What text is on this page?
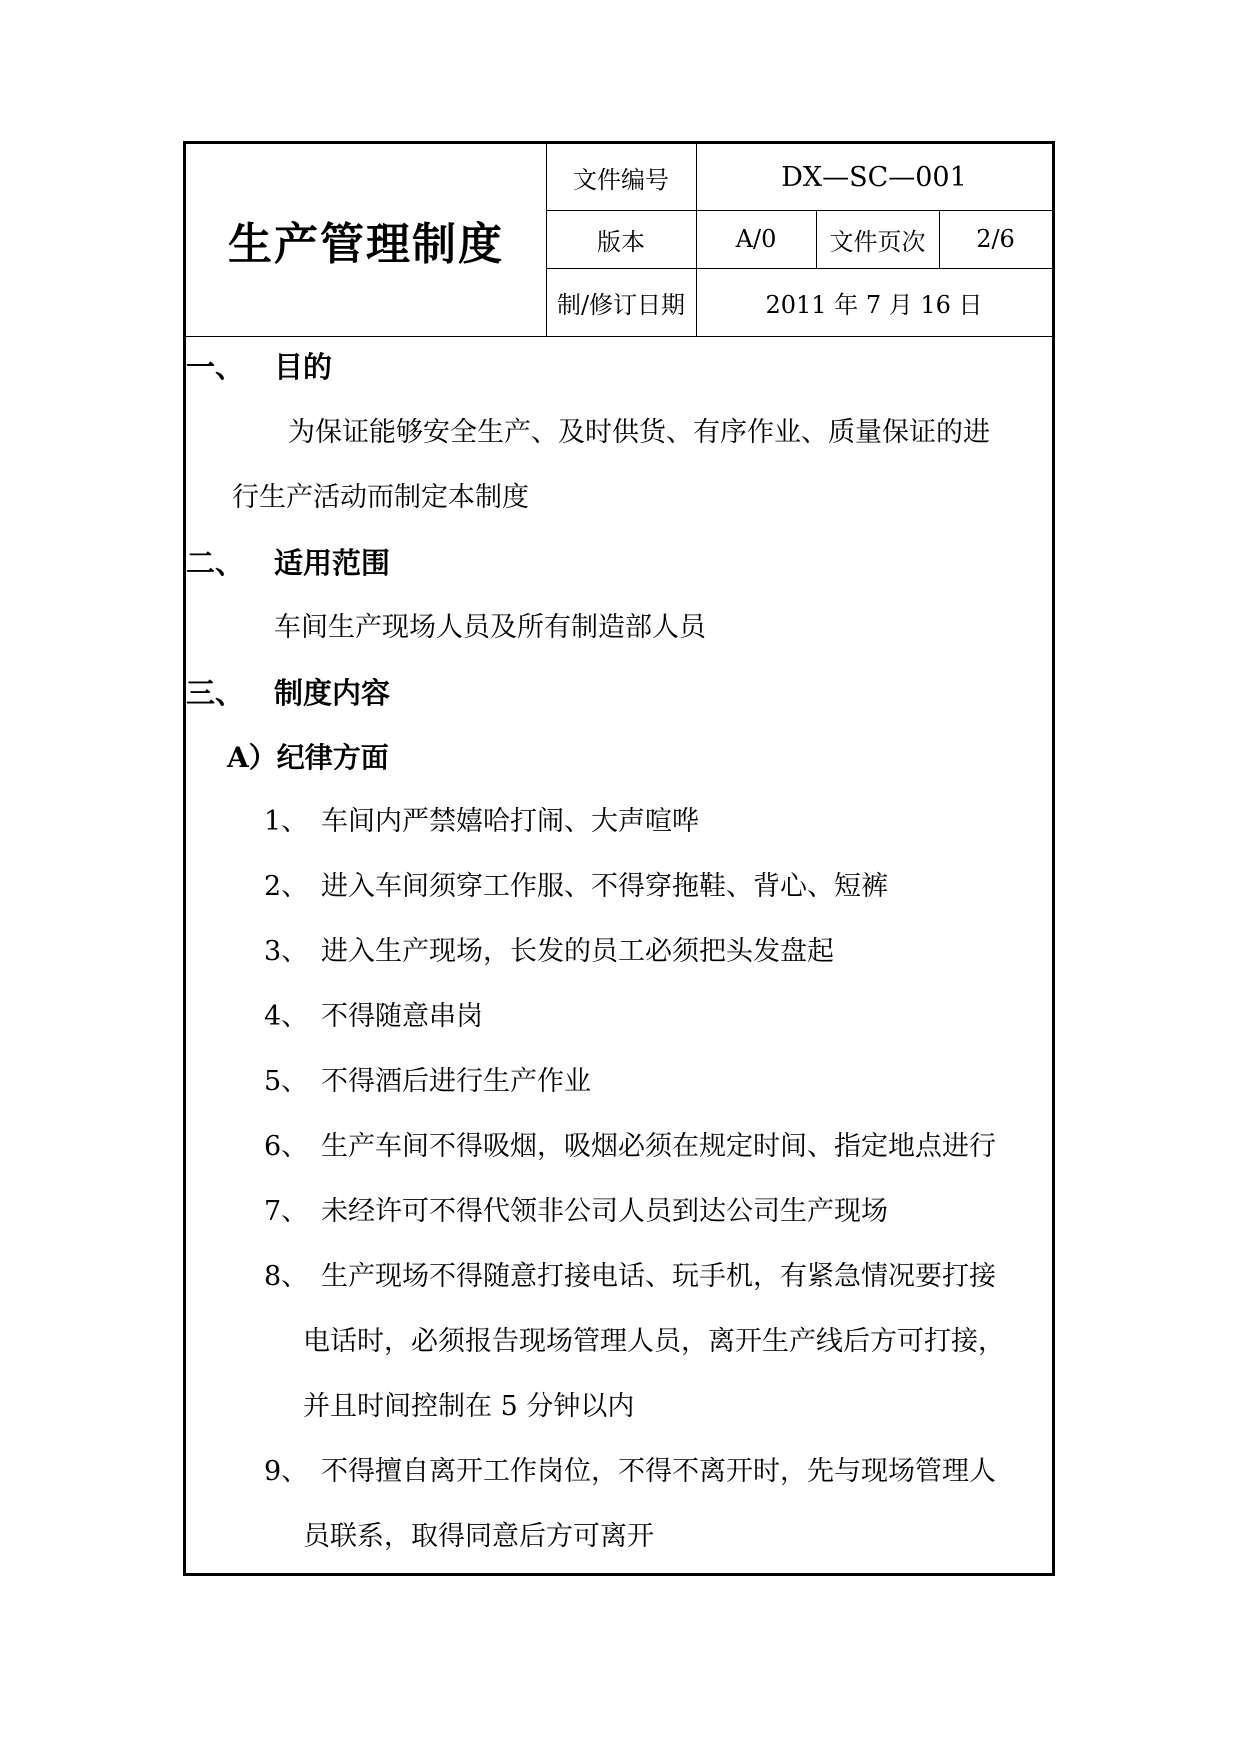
生产管理制度
文件编号	DX—SC—001
版本	A/0	文件页次	2/6
制/修订日期	2011 年 7 月 16 日
一、 目的
为保证能够安全生产、及时供货、有序作业、质量保证的进
行生产活动而制定本制度
二、 适用范围
车间生产现场人员及所有制造部人员
三、 制度内容
A）纪律方面
1、 车间内严禁嬉哈打闹、大声喧哗
2、 进入车间须穿工作服、不得穿拖鞋、背心、短裤
3、 进入生产现场，长发的员工必须把头发盘起
4、 不得随意串岗
5、 不得酒后进行生产作业
6、 生产车间不得吸烟，吸烟必须在规定时间、指定地点进行
7、 未经许可不得代领非公司人员到达公司生产现场
8、 生产现场不得随意打接电话、玩手机，有紧急情况要打接
电话时，必须报告现场管理人员，离开生产线后方可打接，
并且时间控制在 5 分钟以内
9、 不得擅自离开工作岗位，不得不离开时，先与现场管理人
员联系，取得同意后方可离开
